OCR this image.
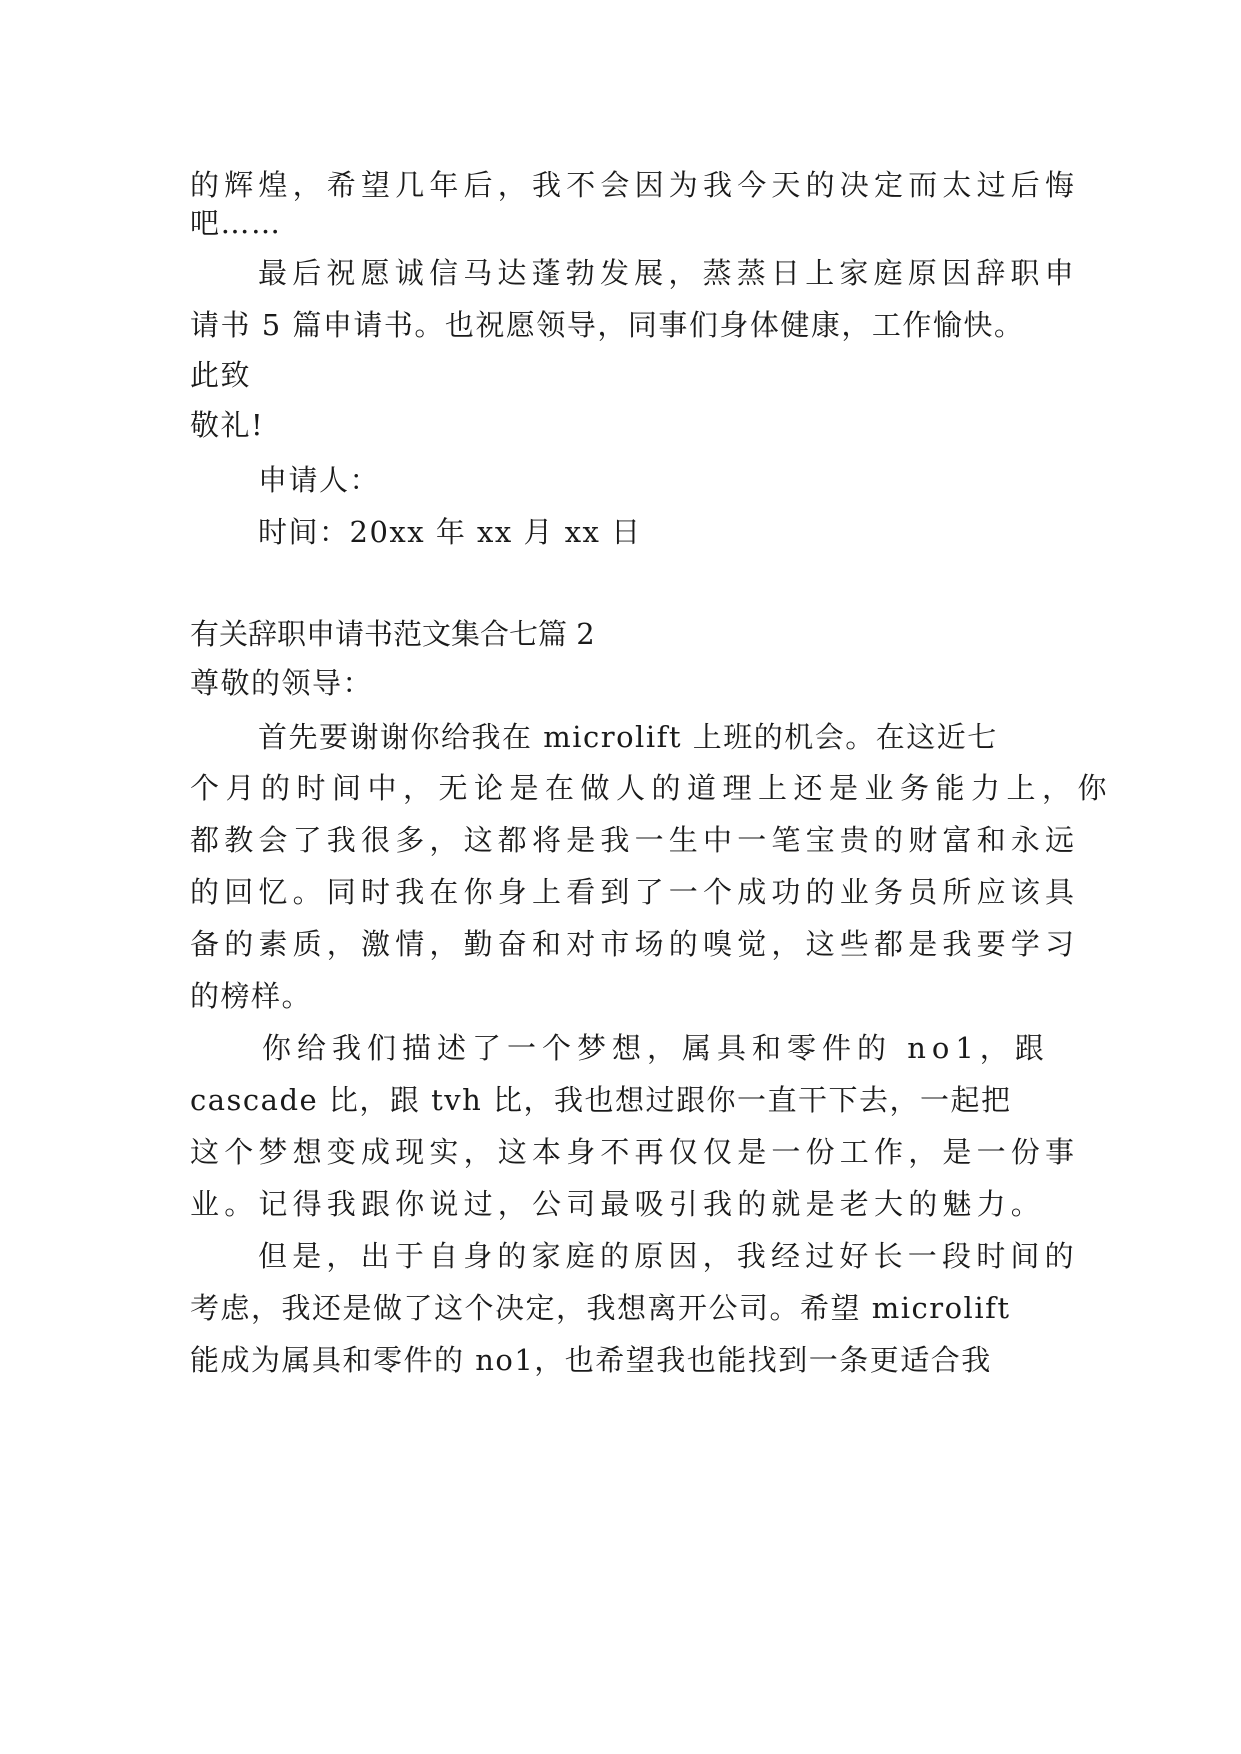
的辉煌，希望几年后，我不会因为我今天的决定而太过后悔
吧……
最后祝愿诚信马达蓬勃发展，蒸蒸日上家庭原因辞职申
请书 5 篇申请书。也祝愿领导，同事们身体健康，工作愉快。
此致
敬礼!
申请人：
时间：20xx 年 xx 月 xx 日
有关辞职申请书范文集合七篇 2
尊敬的领导：
首先要谢谢你给我在 microlift 上班的机会。在这近七
个月的时间中，无论是在做人的道理上还是业务能力上，你
都教会了我很多，这都将是我一生中一笔宝贵的财富和永远
的回忆。同时我在你身上看到了一个成功的业务员所应该具
备的素质，激情，勤奋和对市场的嗅觉，这些都是我要学习
的榜样。
你给我们描述了一个梦想，属具和零件的 no1，跟
cascade 比，跟 tvh 比，我也想过跟你一直干下去，一起把
这个梦想变成现实，这本身不再仅仅是一份工作，是一份事
业。记得我跟你说过，公司最吸引我的就是老大的魅力。
但是，出于自身的家庭的原因，我经过好长一段时间的
考虑，我还是做了这个决定，我想离开公司。希望 microlift
能成为属具和零件的 no1，也希望我也能找到一条更适合我
